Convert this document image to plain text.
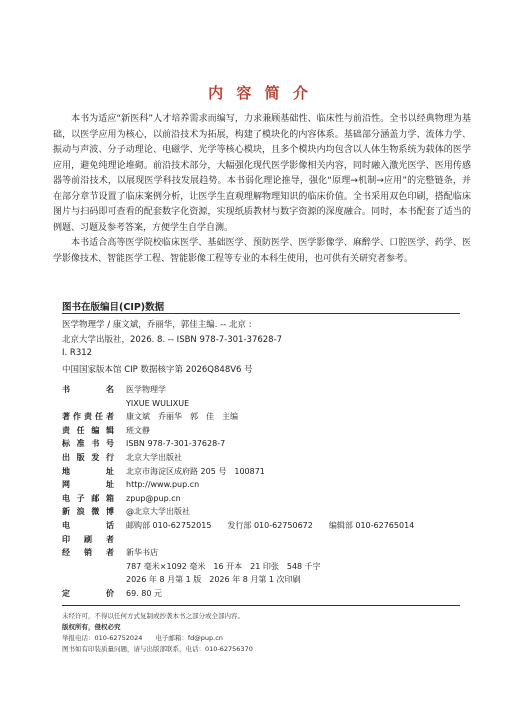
内 容 简 介

本书为适应“新医科”人才培养需求而编写，力求兼顾基础性、临床性与前沿性。全书以经典物理为基础，以医学应用为核心，以前沿技术为拓展，构建了模块化的内容体系。基础部分涵盖力学、流体力学、振动与声波、分子动理论、电磁学、光学等核心模块，且多个模块内均包含以人体生物系统为载体的医学应用，避免纯理论堆砌。前沿技术部分，大幅强化现代医学影像相关内容，同时融入激光医学、医用传感器等前沿技术，以展现医学科技发展趋势。本书弱化理论推导，强化“原理→机制→应用”的完整链条，并在部分章节设置了临床案例分析，让医学生直观理解物理知识的临床价值。全书采用双色印刷，搭配临床图片与扫码即可查看的配套数字化资源，实现纸质教材与数字资源的深度融合。同时，本书配套了适当的例题、习题及参考答案，方便学生自学自测。

本书适合高等医学院校临床医学、基础医学、预防医学、医学影像学、麻醉学、口腔医学、药学、医学影像技术、智能医学工程、智能影像工程等专业的本科生使用，也可供有关研究者参考。

图书在版编目(CIP)数据
医学物理学 / 康文斌，乔丽华，郭佳主编. -- 北京 :
北京大学出版社，2026. 8. -- ISBN 978-7-301-37628-7
Ⅰ. R312
中国国家版本馆 CIP 数据核字第 2026Q848V6 号
书　　名 医学物理学
YIXUE WULIXUE
著作责任者 康文斌　乔丽华　郭　佳　主编
责任编辑 班文静
标准书号 ISBN 978-7-301-37628-7
出版发行 北京大学出版社
地　　址 北京市海淀区成府路 205 号　100871
网　　址 http://www.pup.cn
电子邮箱 zpup@pup.cn
新浪微博 @北京大学出版社
电　　话 邮购部 010-62752015　　发行部 010-62750672　　编辑部 010-62765014
印 刷 者
经 销 者 新华书店
787 毫米×1092 毫米　16 开本　21 印张　548 千字
2026 年 8 月第 1 版　2026 年 8 月第 1 次印刷
定　　价 69. 80 元
未经许可，不得以任何方式复制或抄袭本书之部分或全部内容。
版权所有，侵权必究
举报电话：010-62752024　　电子邮箱：fd@pup.cn
图书如有印装质量问题，请与出版部联系，电话：010-62756370
